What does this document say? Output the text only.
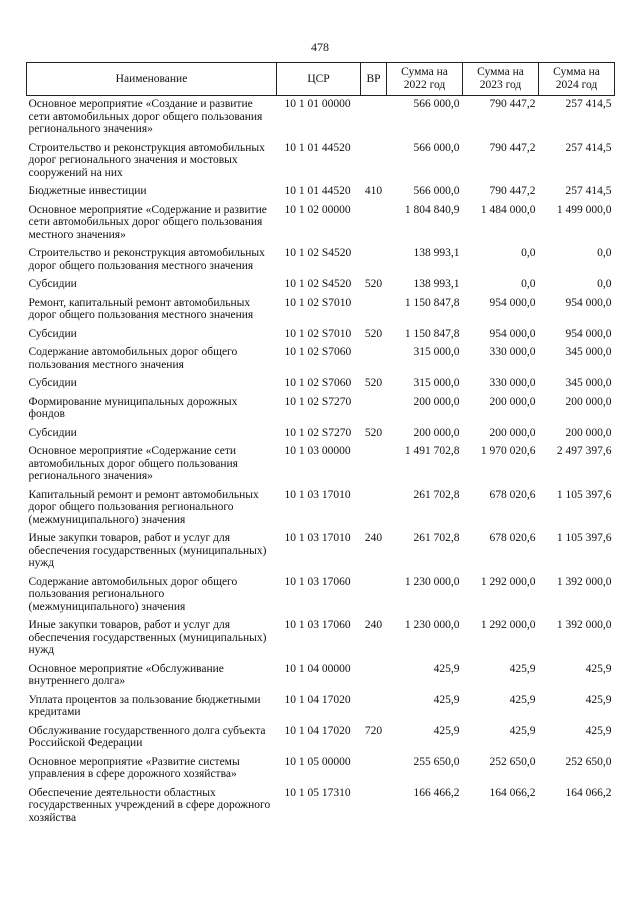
478
Наименование	ЦСР	ВР	Сумма на 2022 год	Сумма на 2023 год	Сумма на 2024 год
Основное мероприятие «Создание и развитие сети автомобильных дорог общего пользования регионального значения»	10 1 01 00000		566 000,0	790 447,2	257 414,5
Строительство и реконструкция автомобильных дорог регионального значения и мостовых сооружений на них	10 1 01 44520		566 000,0	790 447,2	257 414,5
Бюджетные инвестиции	10 1 01 44520	410	566 000,0	790 447,2	257 414,5
Основное мероприятие «Содержание и развитие сети автомобильных дорог общего пользования местного значения»	10 1 02 00000		1 804 840,9	1 484 000,0	1 499 000,0
Строительство и реконструкция автомобильных дорог общего пользования местного значения	10 1 02 S4520		138 993,1	0,0	0,0
Субсидии	10 1 02 S4520	520	138 993,1	0,0	0,0
Ремонт, капитальный ремонт автомобильных дорог общего пользования местного значения	10 1 02 S7010		1 150 847,8	954 000,0	954 000,0
Субсидии	10 1 02 S7010	520	1 150 847,8	954 000,0	954 000,0
Содержание автомобильных дорог общего пользования местного значения	10 1 02 S7060		315 000,0	330 000,0	345 000,0
Субсидии	10 1 02 S7060	520	315 000,0	330 000,0	345 000,0
Формирование муниципальных дорожных фондов	10 1 02 S7270		200 000,0	200 000,0	200 000,0
Субсидии	10 1 02 S7270	520	200 000,0	200 000,0	200 000,0
Основное мероприятие «Содержание сети автомобильных дорог общего пользования регионального значения»	10 1 03 00000		1 491 702,8	1 970 020,6	2 497 397,6
Капитальный ремонт и ремонт автомобильных дорог общего пользования регионального (межмуниципального) значения	10 1 03 17010		261 702,8	678 020,6	1 105 397,6
Иные закупки товаров, работ и услуг для обеспечения государственных (муниципальных) нужд	10 1 03 17010	240	261 702,8	678 020,6	1 105 397,6
Содержание автомобильных дорог общего пользования регионального (межмуниципального) значения	10 1 03 17060		1 230 000,0	1 292 000,0	1 392 000,0
Иные закупки товаров, работ и услуг для обеспечения государственных (муниципальных) нужд	10 1 03 17060	240	1 230 000,0	1 292 000,0	1 392 000,0
Основное мероприятие «Обслуживание внутреннего долга»	10 1 04 00000		425,9	425,9	425,9
Уплата процентов за пользование бюджетными кредитами	10 1 04 17020		425,9	425,9	425,9
Обслуживание государственного долга субъекта Российской Федерации	10 1 04 17020	720	425,9	425,9	425,9
Основное мероприятие «Развитие системы управления в сфере дорожного хозяйства»	10 1 05 00000		255 650,0	252 650,0	252 650,0
Обеспечение деятельности областных государственных учреждений в сфере дорожного хозяйства	10 1 05 17310		166 466,2	164 066,2	164 066,2
